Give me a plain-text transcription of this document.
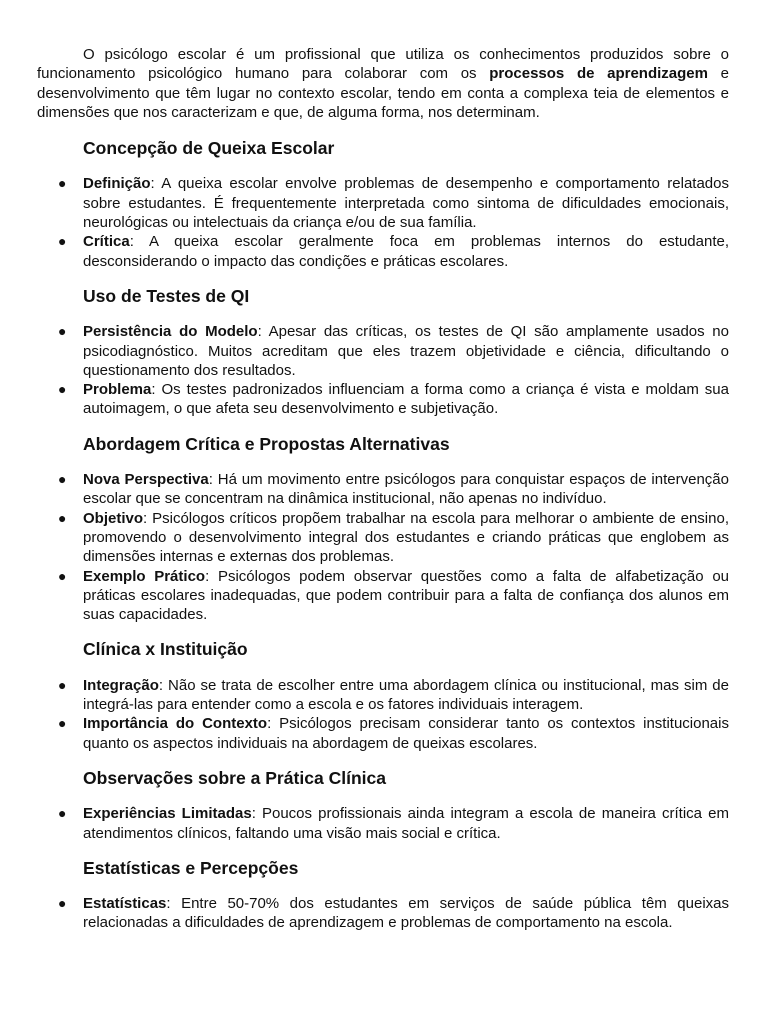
O psicólogo escolar é um profissional que utiliza os conhecimentos produzidos sobre o funcionamento psicológico humano para colaborar com os processos de aprendizagem e desenvolvimento que têm lugar no contexto escolar, tendo em conta a complexa teia de elementos e dimensões que nos caracterizam e que, de alguma forma, nos determinam.

Concepção de Queixa Escolar
● Definição: A queixa escolar envolve problemas de desempenho e comportamento relatados sobre estudantes. É frequentemente interpretada como sintoma de dificuldades emocionais, neurológicas ou intelectuais da criança e/ou de sua família.
● Crítica: A queixa escolar geralmente foca em problemas internos do estudante, desconsiderando o impacto das condições e práticas escolares.
Uso de Testes de QI
● Persistência do Modelo: Apesar das críticas, os testes de QI são amplamente usados no psicodiagnóstico. Muitos acreditam que eles trazem objetividade e ciência, dificultando o questionamento dos resultados.
● Problema: Os testes padronizados influenciam a forma como a criança é vista e moldam sua autoimagem, o que afeta seu desenvolvimento e subjetivação.
Abordagem Crítica e Propostas Alternativas
● Nova Perspectiva: Há um movimento entre psicólogos para conquistar espaços de intervenção escolar que se concentram na dinâmica institucional, não apenas no indivíduo.
● Objetivo: Psicólogos críticos propõem trabalhar na escola para melhorar o ambiente de ensino, promovendo o desenvolvimento integral dos estudantes e criando práticas que englobem as dimensões internas e externas dos problemas.
● Exemplo Prático: Psicólogos podem observar questões como a falta de alfabetização ou práticas escolares inadequadas, que podem contribuir para a falta de confiança dos alunos em suas capacidades.
Clínica x Instituição
● Integração: Não se trata de escolher entre uma abordagem clínica ou institucional, mas sim de integrá-las para entender como a escola e os fatores individuais interagem.
● Importância do Contexto: Psicólogos precisam considerar tanto os contextos institucionais quanto os aspectos individuais na abordagem de queixas escolares.
Observações sobre a Prática Clínica
● Experiências Limitadas: Poucos profissionais ainda integram a escola de maneira crítica em atendimentos clínicos, faltando uma visão mais social e crítica.
Estatísticas e Percepções
● Estatísticas: Entre 50-70% dos estudantes em serviços de saúde pública têm queixas relacionadas a dificuldades de aprendizagem e problemas de comportamento na escola.
